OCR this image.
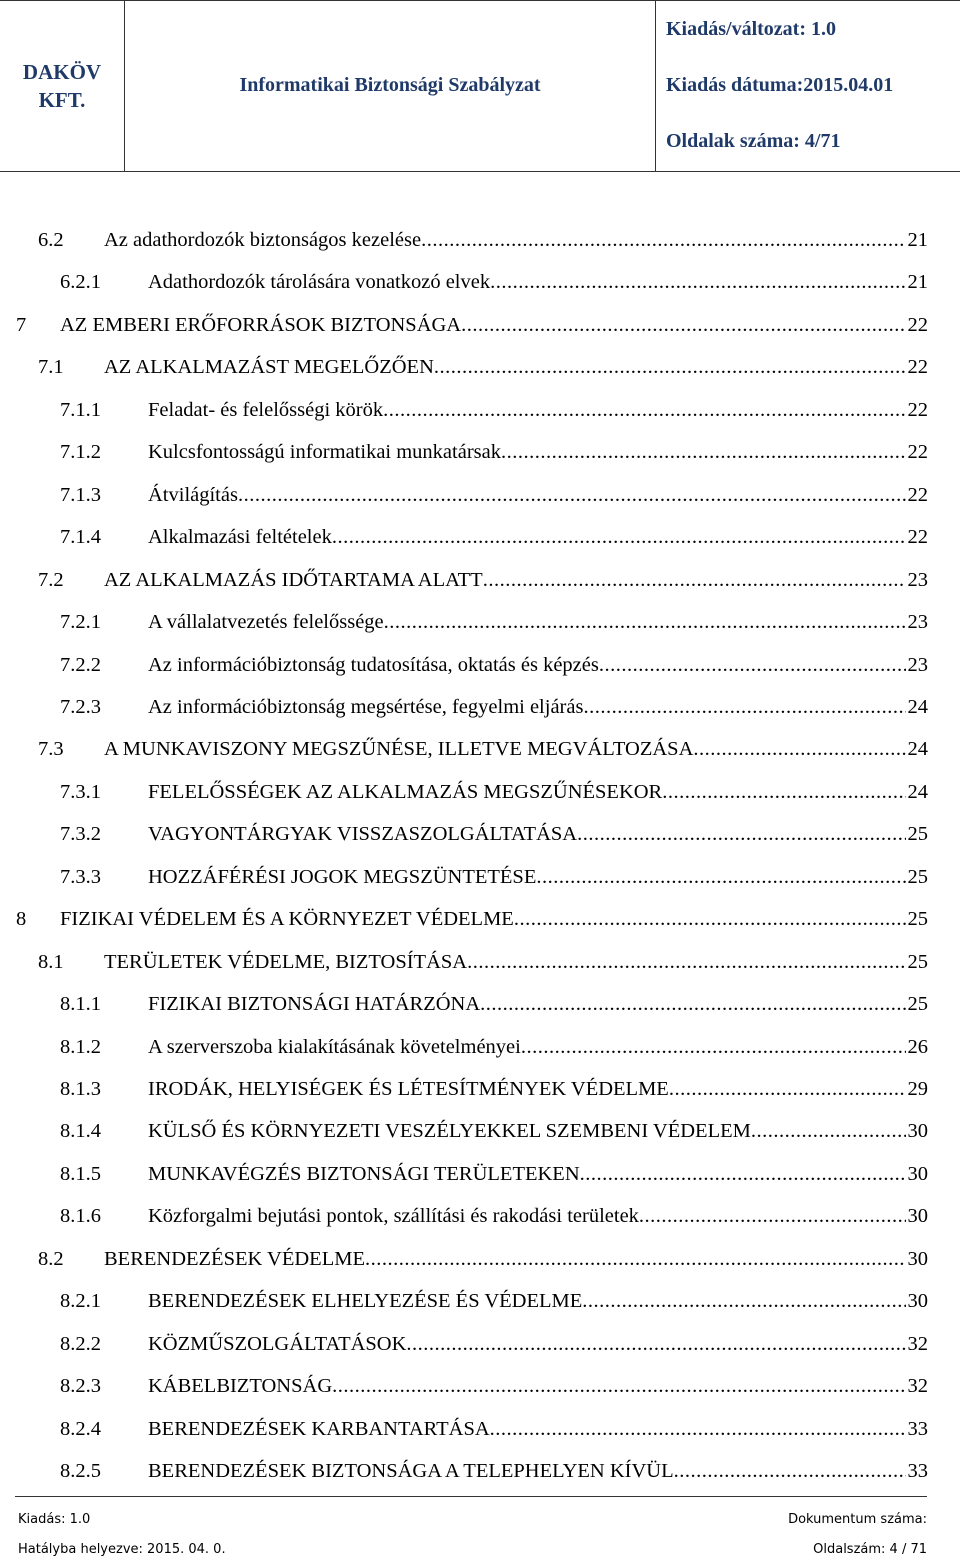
DAKÖV
KFT.
Informatikai Biztonsági Szabályzat
Kiadás/változat: 1.0
Kiadás dátuma:2015.04.01
Oldalak száma: 4/71
6.2	Az adathordozók biztonságos kezelése .....	21
6.2.1	Adathordozók tárolására vonatkozó elvek .....	21
7	AZ EMBERI ERŐFORRÁSOK BIZTONSÁGA .....	22
7.1	AZ ALKALMAZÁST MEGELŐZŐEN .....	22
7.1.1	Feladat- és felelősségi körök .....	22
7.1.2	Kulcsfontosságú informatikai munkatársak .....	22
7.1.3	Átvilágítás .....	22
7.1.4	Alkalmazási feltételek .....	22
7.2	AZ ALKALMAZÁS IDŐTARTAMA ALATT .....	23
7.2.1	A vállalatvezetés felelőssége .....	23
7.2.2	Az információbiztonság tudatosítása, oktatás és képzés .....	23
7.2.3	Az információbiztonság megsértése, fegyelmi eljárás .....	24
7.3	A MUNKAVISZONY MEGSZŰNÉSE, ILLETVE MEGVÁLTOZÁSA .....	24
7.3.1	FELELŐSSÉGEK AZ ALKALMAZÁS MEGSZŰNÉSEKOR .....	24
7.3.2	VAGYONTÁRGYAK VISSZASZOLGÁLTATÁSA .....	25
7.3.3	HOZZÁFÉRÉSI JOGOK MEGSZÜNTETÉSE .....	25
8	FIZIKAI VÉDELEM ÉS A KÖRNYEZET VÉDELME .....	25
8.1	TERÜLETEK VÉDELME, BIZTOSÍTÁSA .....	25
8.1.1	FIZIKAI BIZTONSÁGI HATÁRZÓNA .....	25
8.1.2	A szerverszoba kialakításának követelményei .....	26
8.1.3	IRODÁK, HELYISÉGEK ÉS LÉTESÍTMÉNYEK VÉDELME .....	29
8.1.4	KÜLSŐ ÉS KÖRNYEZETI VESZÉLYEKKEL SZEMBENI VÉDELEM .....	30
8.1.5	MUNKAVÉGZÉS BIZTONSÁGI TERÜLETEKEN .....	30
8.1.6	Közforgalmi bejutási pontok, szállítási és rakodási területek .....	30
8.2	BERENDEZÉSEK VÉDELME .....	30
8.2.1	BERENDEZÉSEK ELHELYEZÉSE ÉS VÉDELME .....	30
8.2.2	KÖZMŰSZOLGÁLTATÁSOK .....	32
8.2.3	KÁBELBIZTONSÁG .....	32
8.2.4	BERENDEZÉSEK KARBANTARTÁSA .....	33
8.2.5	BERENDEZÉSEK BIZTONSÁGA A TELEPHELYEN KÍVÜL .....	33
Kiadás: 1.0	Dokumentum száma:
Hatályba helyezve: 2015. 04. 0.	Oldalszám: 4 / 71
